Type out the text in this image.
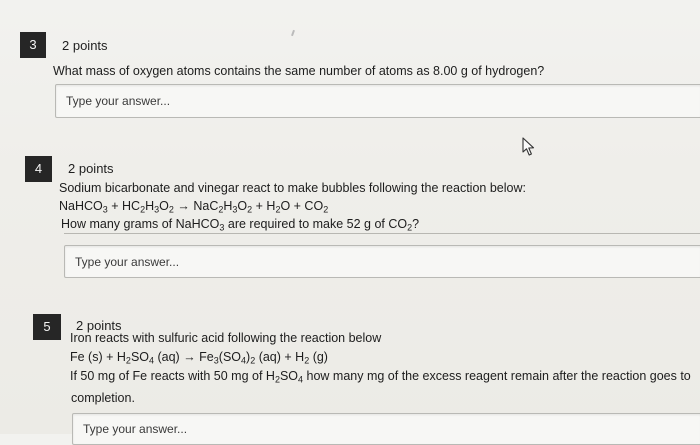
3	2 points
What mass of oxygen atoms contains the same number of atoms as 8.00 g of hydrogen?
Type your answer...
4	2 points
Sodium bicarbonate and vinegar react to make bubbles following the reaction below:
NaHCO$_3$ + $HC_2H_3O_2 \to NaC_2H_3O_2 + H_2O + CO_2$
How many grams of NaHCO$_3$ are required to make 52 g of $CO_2$?
Type your answer...
5	2 points
Iron reacts with sulfuric acid following the reaction below
Fe $(s) + H_2SO_4$ $(aq) \to Fe_3(SO_4)_2$ $(aq) + H_2$ (g)
If 50 mg of Fe reacts with 50 mg of $H_2SO_4$ how many mg of the excess reagent remain after the reaction goes to
completion.
Type your answer...
